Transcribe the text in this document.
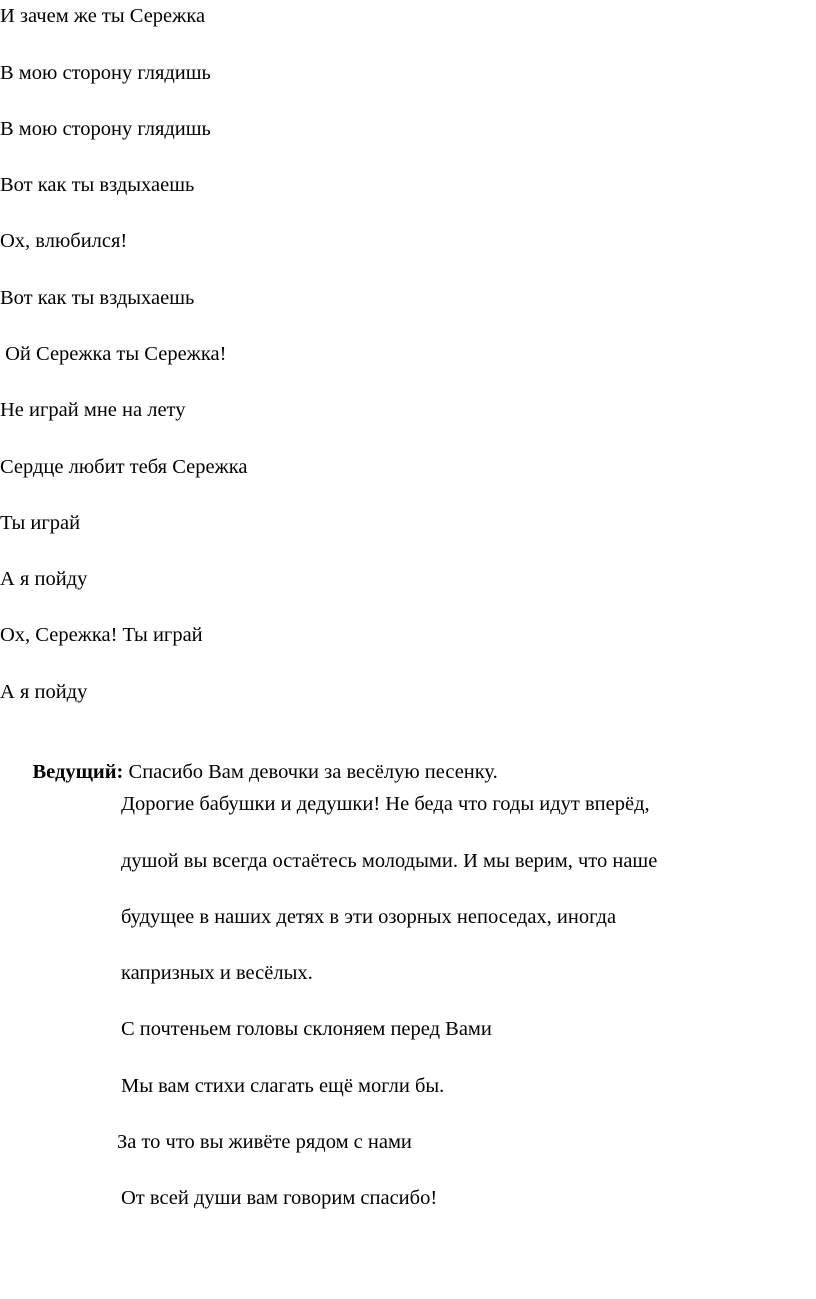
И зачем же ты Сережка
В мою сторону глядишь
В мою сторону глядишь
Вот как ты вздыхаешь
Ох, влюбился!
Вот как ты вздыхаешь
Ой Сережка ты Сережка!
Не играй мне на лету
Сердце любит тебя Сережка
Ты играй
А я пойду
Ох, Сережка! Ты играй
А я пойду

Ведущий: Спасибо Вам девочки за весёлую песенку.

Дорогие бабушки и дедушки! Не беда что годы идут вперёд,
душой вы всегда остаётесь молодыми. И мы верим, что наше
будущее в наших детях в эти озорных непоседах, иногда
капризных и весёлых.
С почтеньем головы склоняем перед Вами
Мы вам стихи слагать ещё могли бы.
За то что вы живёте рядом с нами
От всей души вам говорим спасибо!
